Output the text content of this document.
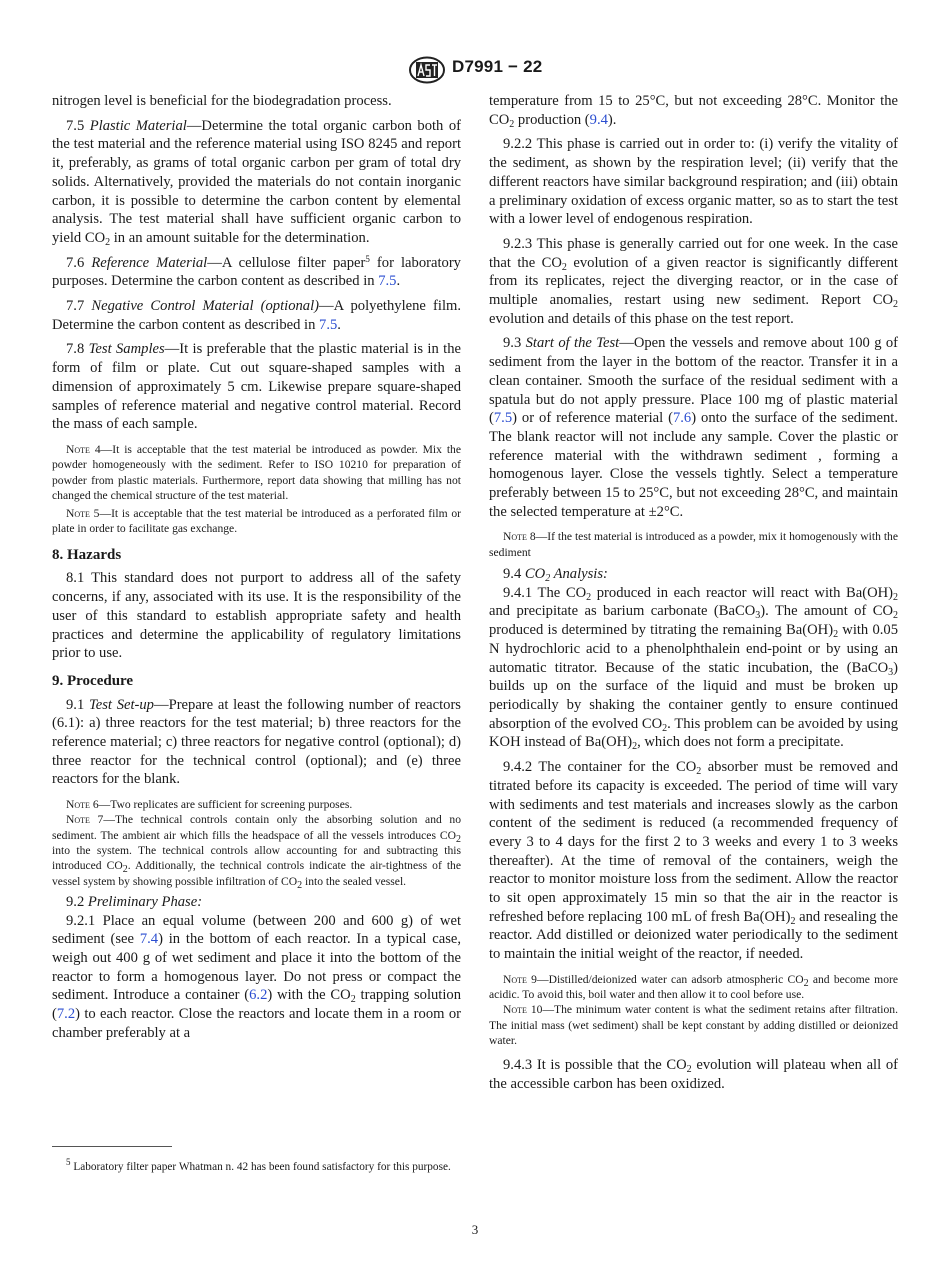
D7991 − 22

nitrogen level is beneficial for the biodegradation process.

7.5 Plastic Material—Determine the total organic carbon both of the test material and the reference material using ISO 8245 and report it, preferably, as grams of total organic carbon per gram of total dry solids. Alternatively, provided the materials do not contain inorganic carbon, it is possible to determine the carbon content by elemental analysis. The test material shall have sufficient organic carbon to yield $CO_2$ in an amount suitable for the determination.

7.6 Reference Material—A cellulose filter paper$^5$ for laboratory purposes. Determine the carbon content as described in 7.5.

7.7 Negative Control Material (optional)—A polyethylene film. Determine the carbon content as described in 7.5.

7.8 Test Samples—It is preferable that the plastic material is in the form of film or plate. Cut out square-shaped samples with a dimension of approximately 5 cm. Likewise prepare square-shaped samples of reference material and negative control material. Record the mass of each sample.

Note 4—It is acceptable that the test material be introduced as powder. Mix the powder homogeneously with the sediment. Refer to ISO 10210 for preparation of powder from plastic materials. Furthermore, report data showing that milling has not changed the chemical structure of the test material.

Note 5—It is acceptable that the test material be introduced as a perforated film or plate in order to facilitate gas exchange.

8. Hazards

8.1 This standard does not purport to address all of the safety concerns, if any, associated with its use. It is the responsibility of the user of this standard to establish appropriate safety and health practices and determine the applicability of regulatory limitations prior to use.

9. Procedure

9.1 Test Set-up—Prepare at least the following number of reactors (6.1): a) three reactors for the test material; b) three reactors for the reference material; c) three reactors for negative control (optional); d) three reactor for the technical control (optional); and (e) three reactors for the blank.

Note 6—Two replicates are sufficient for screening purposes.

Note 7—The technical controls contain only the absorbing solution and no sediment. The ambient air which fills the headspace of all the vessels introduces $CO_2$ into the system. The technical controls allow accounting for and subtracting this introduced $CO_2$. Additionally, the technical controls indicate the air-tightness of the vessel system by showing possible infiltration of $CO_2$ into the sealed vessel.

9.2 Preliminary Phase:

9.2.1 Place an equal volume (between 200 and 600 g) of wet sediment (see 7.4) in the bottom of each reactor. In a typical case, weigh out 400 g of wet sediment and place it into the bottom of the reactor to form a homogenous layer. Do not press or compact the sediment. Introduce a container (6.2) with the $CO_2$ trapping solution (7.2) to each reactor. Close the reactors and locate them in a room or chamber preferably at a

temperature from 15 to 25°C, but not exceeding 28°C. Monitor the $CO_2$ production (9.4).

9.2.2 This phase is carried out in order to: (i) verify the vitality of the sediment, as shown by the respiration level; (ii) verify that the different reactors have similar background respiration; and (iii) obtain a preliminary oxidation of excess organic matter, so as to start the test with a lower level of endogenous respiration.

9.2.3 This phase is generally carried out for one week. In the case that the $CO_2$ evolution of a given reactor is significantly different from its replicates, reject the diverging reactor, or in the case of multiple anomalies, restart using new sediment. Report $CO_2$ evolution and details of this phase on the test report.

9.3 Start of the Test—Open the vessels and remove about 100 g of sediment from the layer in the bottom of the reactor. Transfer it in a clean container. Smooth the surface of the residual sediment with a spatula but do not apply pressure. Place 100 mg of plastic material (7.5) or of reference material (7.6) onto the surface of the sediment. The blank reactor will not include any sample. Cover the plastic or reference material with the withdrawn sediment , forming a homogenous layer. Close the vessels tightly. Select a temperature preferably between 15 to 25°C, but not exceeding 28°C, and maintain the selected temperature at ±2°C.

Note 8—If the test material is introduced as a powder, mix it homogenously with the sediment

9.4 $CO_2$ Analysis:

9.4.1 The $CO_2$ produced in each reactor will react with $Ba(OH)_2$ and precipitate as barium carbonate (BaCO$_3$). The amount of $CO_2$ produced is determined by titrating the remaining $Ba(OH)_2$ with 0.05 N hydrochloric acid to a phenolphthalein end-point or by using an automatic titrator. Because of the static incubation, the (BaCO$_3$) builds up on the surface of the liquid and must be broken up periodically by shaking the container gently to ensure continued absorption of the evolved $CO_2$. This problem can be avoided by using KOH instead of $Ba(OH)_2$, which does not form a precipitate.

9.4.2 The container for the $CO_2$ absorber must be removed and titrated before its capacity is exceeded. The period of time will vary with sediments and test materials and increases slowly as the carbon content of the sediment is reduced (a recommended frequency of every 3 to 4 days for the first 2 to 3 weeks and every 1 to 3 weeks thereafter). At the time of removal of the containers, weigh the reactor to monitor moisture loss from the sediment. Allow the reactor to sit open approximately 15 min so that the air in the reactor is refreshed before replacing 100 mL of fresh $Ba(OH)_2$ and resealing the reactor. Add distilled or deionized water periodically to the sediment to maintain the initial weight of the reactor, if needed.

Note 9—Distilled/deionized water can adsorb atmospheric $CO_2$ and become more acidic. To avoid this, boil water and then allow it to cool before use.

Note 10—The minimum water content is what the sediment retains after filtration. The initial mass (wet sediment) shall be kept constant by adding distilled or deionized water.

9.4.3 It is possible that the $CO_2$ evolution will plateau when all of the accessible carbon has been oxidized.

$^5$ Laboratory filter paper Whatman n. 42 has been found satisfactory for this purpose.

3
